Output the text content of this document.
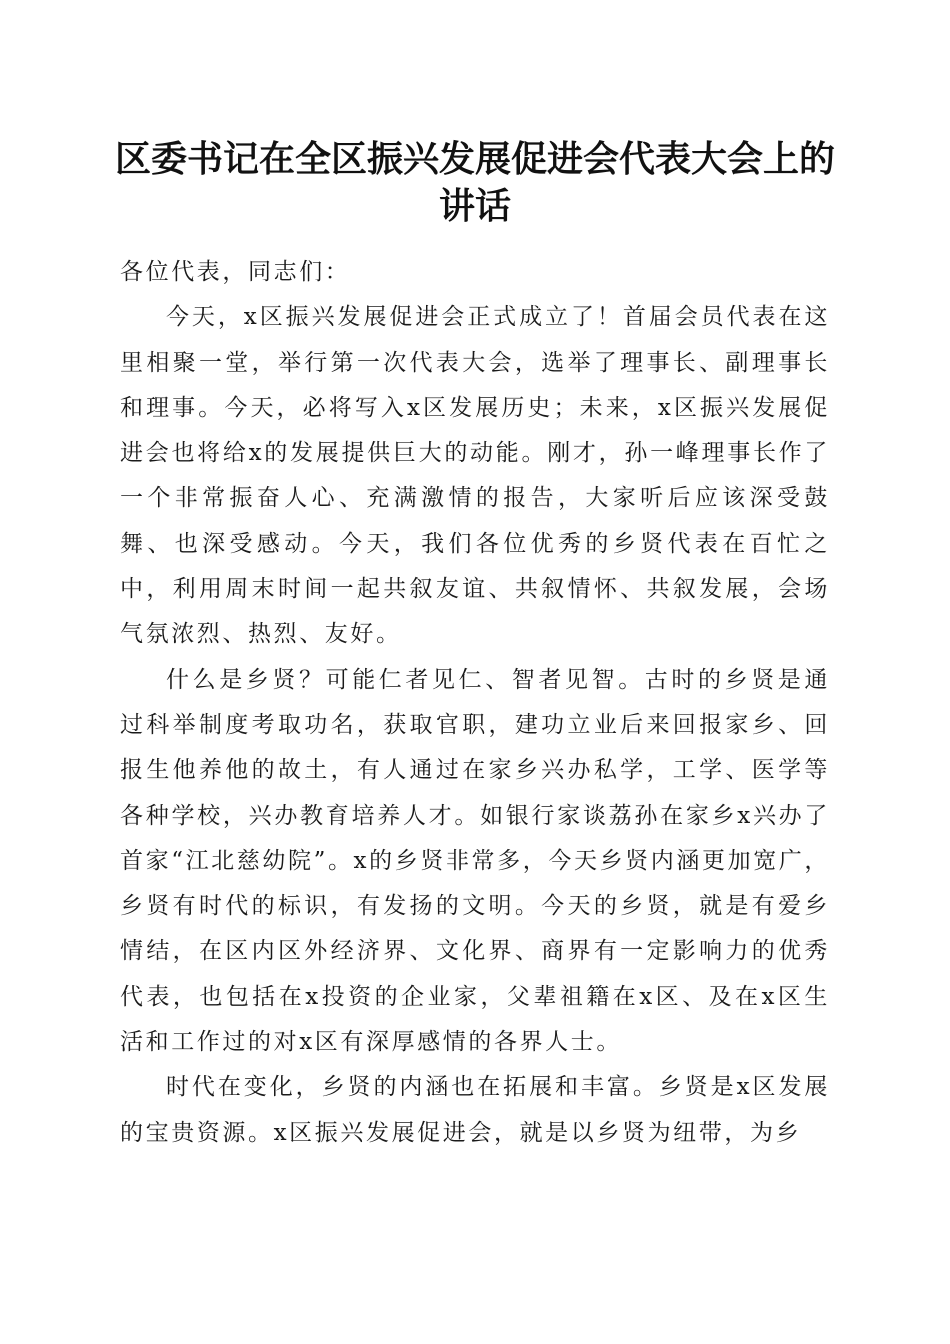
区委书记在全区振兴发展促进会代表大会上的
讲话

各位代表，同志们：

今天，x区振兴发展促进会正式成立了！首届会员代表在这里相聚一堂，举行第一次代表大会，选举了理事长、副理事长和理事。今天，必将写入x区发展历史；未来，x区振兴发展促进会也将给x的发展提供巨大的动能。刚才，孙一峰理事长作了一个非常振奋人心、充满激情的报告，大家听后应该深受鼓舞、也深受感动。今天，我们各位优秀的乡贤代表在百忙之中，利用周末时间一起共叙友谊、共叙情怀、共叙发展，会场气氛浓烈、热烈、友好。

什么是乡贤？可能仁者见仁、智者见智。古时的乡贤是通过科举制度考取功名，获取官职，建功立业后来回报家乡、回报生他养他的故土，有人通过在家乡兴办私学，工学、医学等各种学校，兴办教育培养人才。如银行家谈荔孙在家乡x兴办了首家“江北慈幼院”。x的乡贤非常多，今天乡贤内涵更加宽广，乡贤有时代的标识，有发扬的文明。今天的乡贤，就是有爱乡情结，在区内区外经济界、文化界、商界有一定影响力的优秀代表，也包括在x投资的企业家，父辈祖籍在x区、及在x区生活和工作过的对x区有深厚感情的各界人士。

时代在变化，乡贤的内涵也在拓展和丰富。乡贤是x区发展的宝贵资源。x区振兴发展促进会，就是以乡贤为纽带，为乡
